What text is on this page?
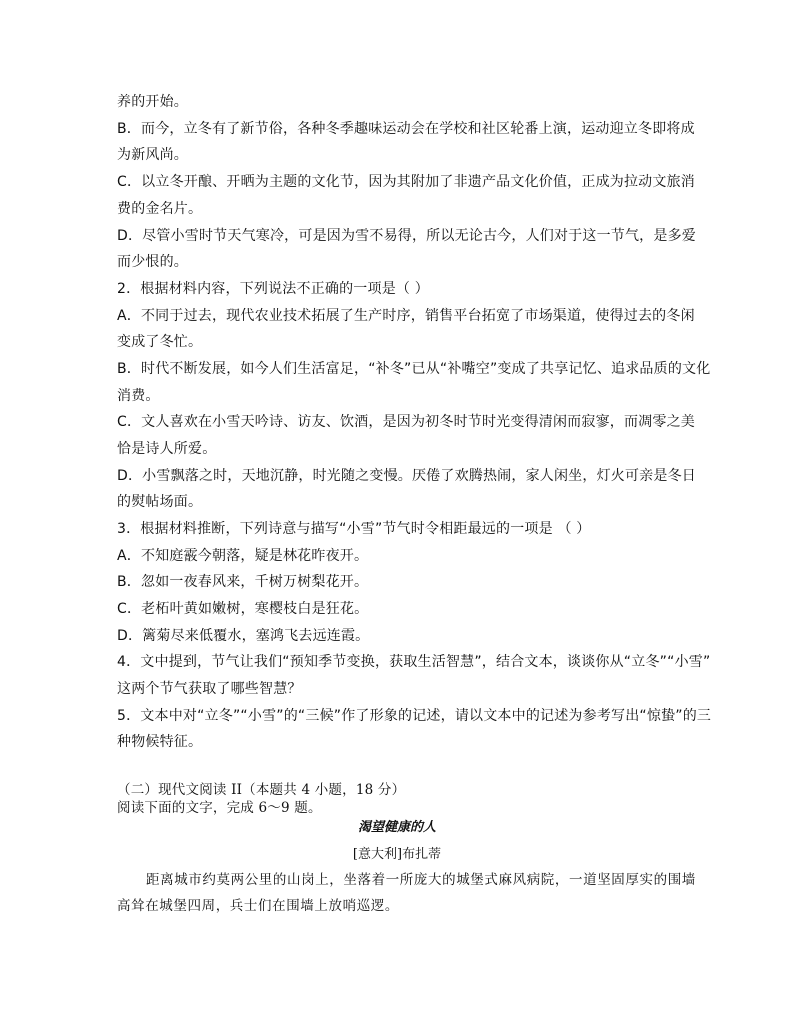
养的开始。
B．而今，立冬有了新节俗，各种冬季趣味运动会在学校和社区轮番上演，运动迎立冬即将成
为新风尚。
C．以立冬开酿、开晒为主题的文化节，因为其附加了非遗产品文化价值，正成为拉动文旅消
费的金名片。
D．尽管小雪时节天气寒冷，可是因为雪不易得，所以无论古今，人们对于这一节气，是多爱
而少恨的。
2．根据材料内容，下列说法不正确的一项是（ ）
A．不同于过去，现代农业技术拓展了生产时序，销售平台拓宽了市场渠道，使得过去的冬闲
变成了冬忙。
B．时代不断发展，如今人们生活富足，“补冬”已从“补嘴空”变成了共享记忆、追求品质的文化
消费。
C．文人喜欢在小雪天吟诗、访友、饮酒，是因为初冬时节时光变得清闲而寂寥，而凋零之美
恰是诗人所爱。
D．小雪飘落之时，天地沉静，时光随之变慢。厌倦了欢腾热闹，家人闲坐，灯火可亲是冬日
的熨帖场面。
3．根据材料推断，下列诗意与描写“小雪”节气时令相距最远的一项是 （ ）
A．不知庭霰今朝落，疑是林花昨夜开。
B．忽如一夜春风来，千树万树梨花开。
C．老柘叶黄如嫩树，寒樱枝白是狂花。
D．篱菊尽来低覆水，塞鸿飞去远连霞。
4．文中提到，节气让我们“预知季节变换，获取生活智慧”，结合文本，谈谈你从“立冬”“小雪”
这两个节气获取了哪些智慧？
5．文本中对“立冬”“小雪”的“三候”作了形象的记述，请以文本中的记述为参考写出“惊蛰”的三
种物候特征。
（二）现代文阅读 II（本题共 4 小题，18 分）
阅读下面的文字，完成 6～9 题。
渴望健康的人
[意大利]布扎蒂
距离城市约莫两公里的山岗上，坐落着一所庞大的城堡式麻风病院，一道坚固厚实的围墙
高耸在城堡四周，兵士们在围墙上放哨巡逻。
